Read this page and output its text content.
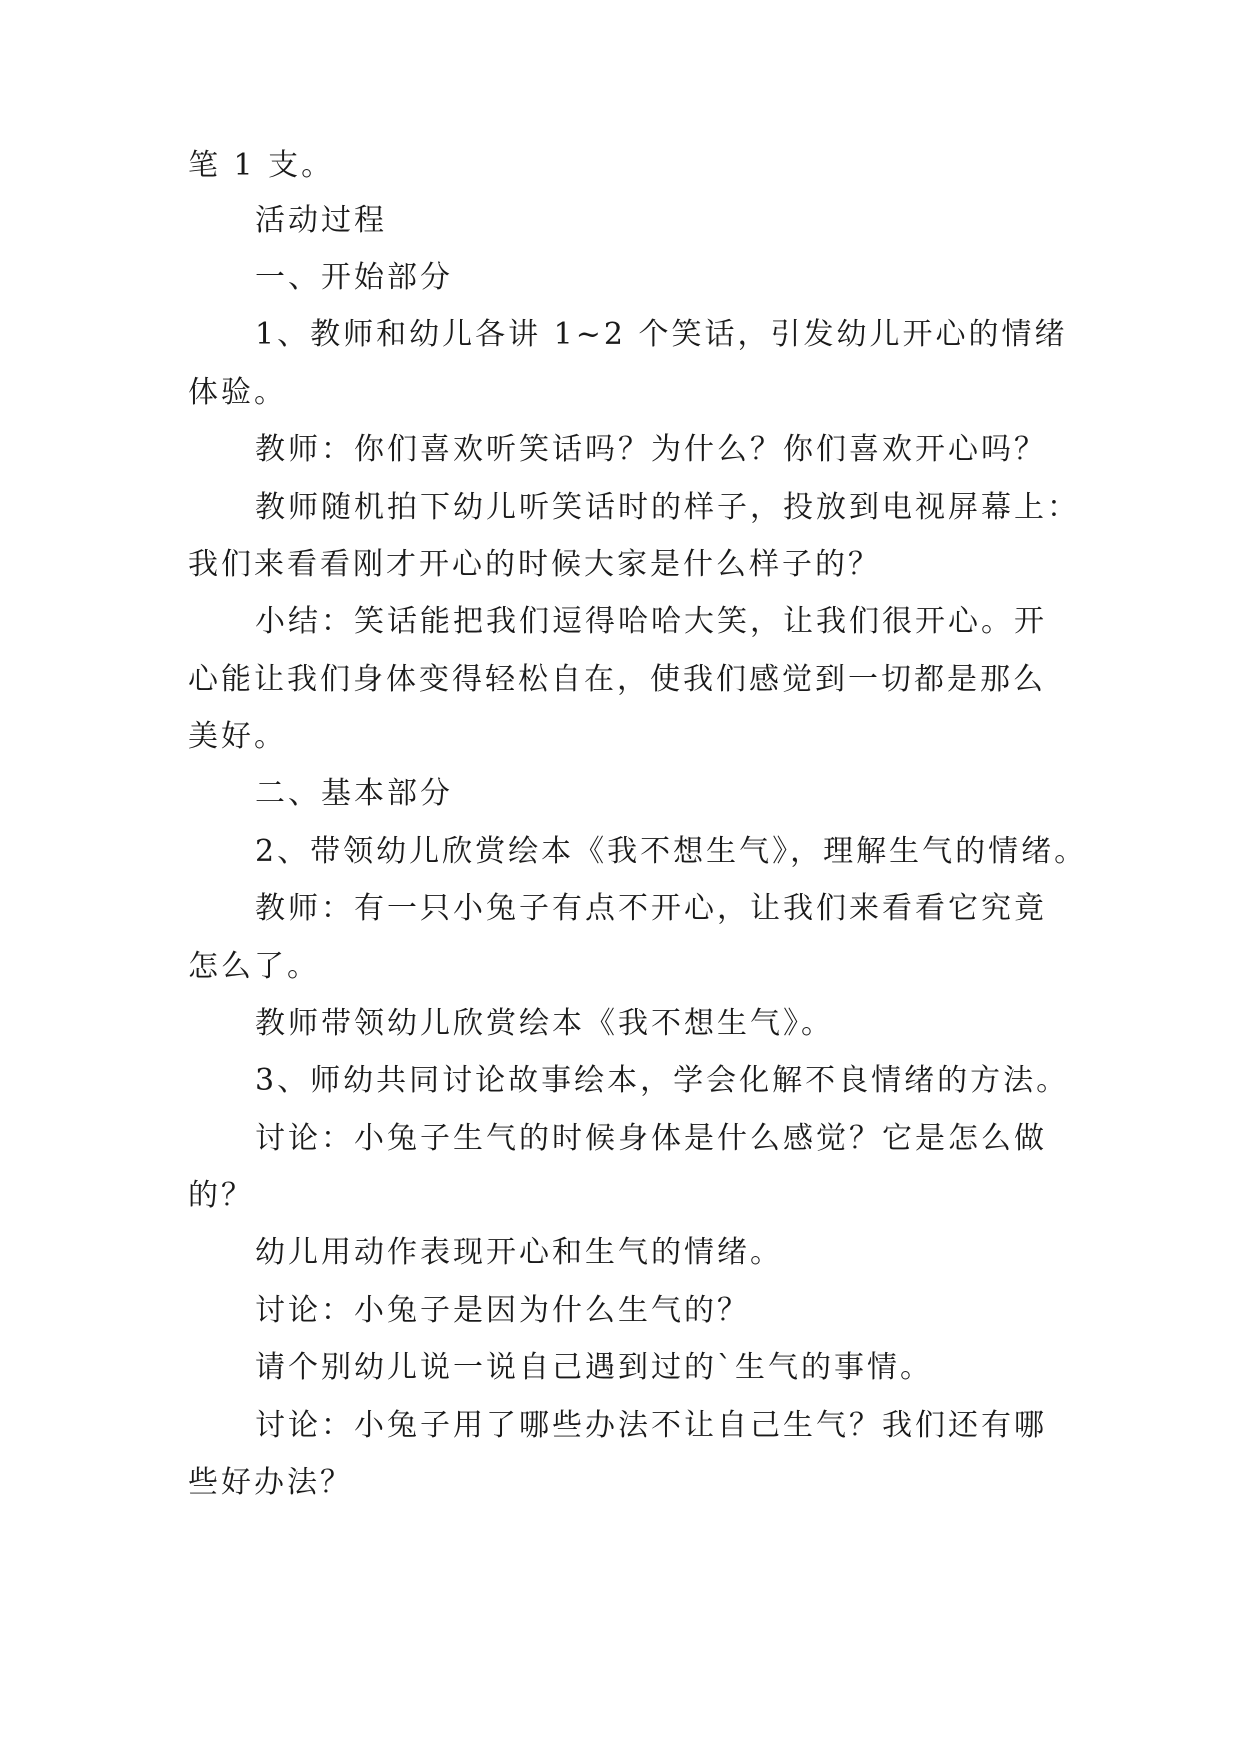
笔 1 支。
活动过程
一、开始部分
1、教师和幼儿各讲 1~2 个笑话，引发幼儿开心的情绪
体验。
教师：你们喜欢听笑话吗？为什么？你们喜欢开心吗？
教师随机拍下幼儿听笑话时的样子，投放到电视屏幕上：
我们来看看刚才开心的时候大家是什么样子的？
小结：笑话能把我们逗得哈哈大笑，让我们很开心。开
心能让我们身体变得轻松自在，使我们感觉到一切都是那么
美好。
二、基本部分
2、带领幼儿欣赏绘本《我不想生气》，理解生气的情绪。
教师：有一只小兔子有点不开心，让我们来看看它究竟
怎么了。
教师带领幼儿欣赏绘本《我不想生气》。
3、师幼共同讨论故事绘本，学会化解不良情绪的方法。
讨论：小兔子生气的时候身体是什么感觉？它是怎么做
的？
幼儿用动作表现开心和生气的情绪。
讨论：小兔子是因为什么生气的？
请个别幼儿说一说自己遇到过的`生气的事情。
讨论：小兔子用了哪些办法不让自己生气？我们还有哪
些好办法？
